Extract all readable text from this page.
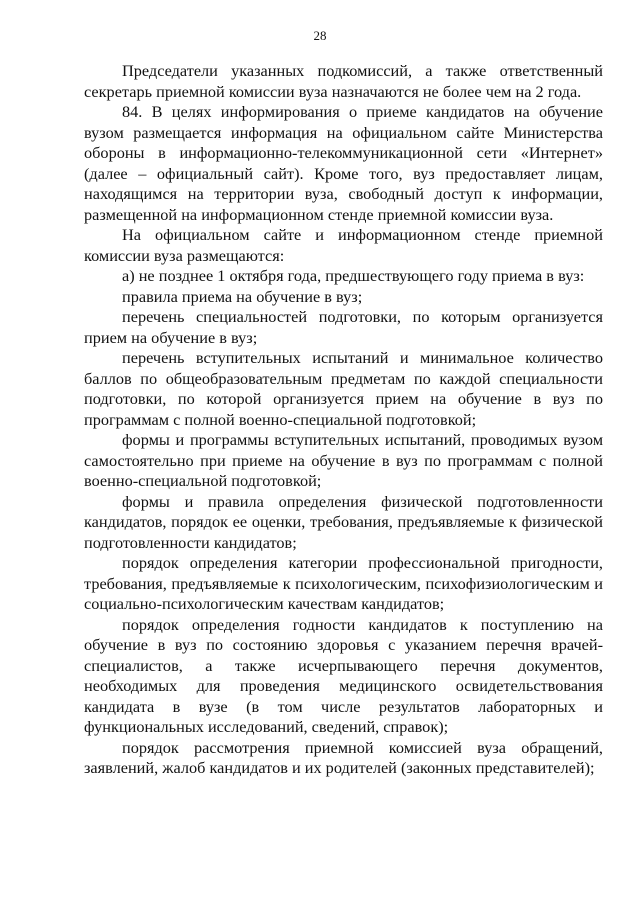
28

Председатели указанных подкомиссий, а также ответственный секретарь приемной комиссии вуза назначаются не более чем на 2 года.

84. В целях информирования о приеме кандидатов на обучение вузом размещается информация на официальном сайте Министерства обороны в информационно-телекоммуникационной сети «Интернет» (далее – официальный сайт). Кроме того, вуз предоставляет лицам, находящимся на территории вуза, свободный доступ к информации, размещенной на информационном стенде приемной комиссии вуза.

На официальном сайте и информационном стенде приемной комиссии вуза размещаются:

а) не позднее 1 октября года, предшествующего году приема в вуз:

правила приема на обучение в вуз;

перечень специальностей подготовки, по которым организуется прием на обучение в вуз;

перечень вступительных испытаний и минимальное количество баллов по общеобразовательным предметам по каждой специальности подготовки, по которой организуется прием на обучение в вуз по программам с полной военно-специальной подготовкой;

формы и программы вступительных испытаний, проводимых вузом самостоятельно при приеме на обучение в вуз по программам с полной военно-специальной подготовкой;

формы и правила определения физической подготовленности кандидатов, порядок ее оценки, требования, предъявляемые к физической подготовленности кандидатов;

порядок определения категории профессиональной пригодности, требования, предъявляемые к психологическим, психофизиологическим и социально-психологическим качествам кандидатов;

порядок определения годности кандидатов к поступлению на обучение в вуз по состоянию здоровья с указанием перечня врачей-специалистов, а также исчерпывающего перечня документов, необходимых для проведения медицинского освидетельствования кандидата в вузе (в том числе результатов лабораторных и функциональных исследований, сведений, справок);

порядок рассмотрения приемной комиссией вуза обращений, заявлений, жалоб кандидатов и их родителей (законных представителей);
